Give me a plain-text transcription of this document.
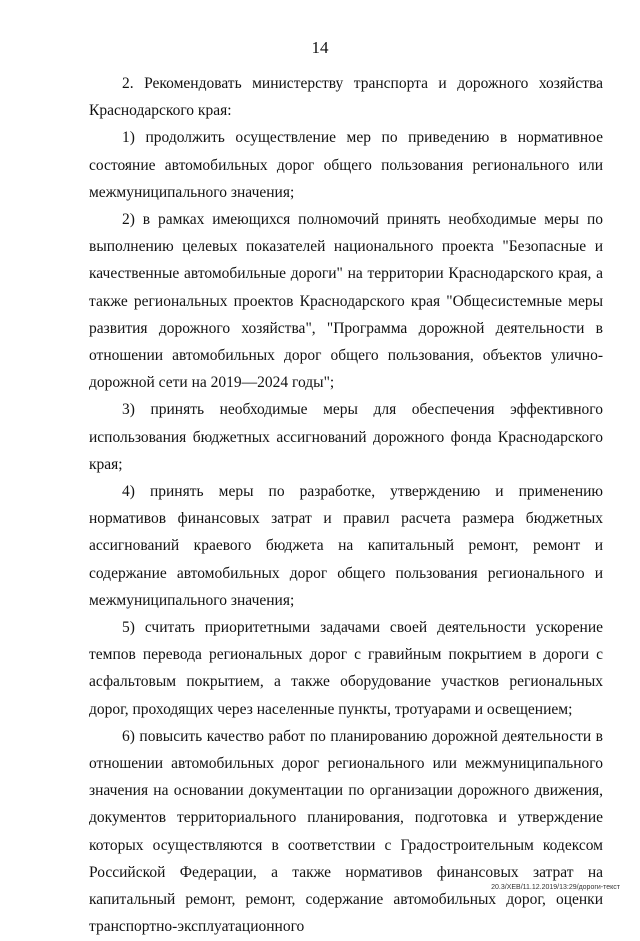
14

2. Рекомендовать министерству транспорта и дорожного хозяйства Краснодарского края:

1) продолжить осуществление мер по приведению в нормативное состояние автомобильных дорог общего пользования регионального или межмуниципального значения;

2) в рамках имеющихся полномочий принять необходимые меры по выполнению целевых показателей национального проекта "Безопасные и качественные автомобильные дороги" на территории Краснодарского края, а также региональных проектов Краснодарского края "Общесистемные меры развития дорожного хозяйства", "Программа дорожной деятельности в отношении автомобильных дорог общего пользования, объектов улично-дорожной сети на 2019—2024 годы";

3) принять необходимые меры для обеспечения эффективного использования бюджетных ассигнований дорожного фонда Краснодарского края;

4) принять меры по разработке, утверждению и применению нормативов финансовых затрат и правил расчета размера бюджетных ассигнований краевого бюджета на капитальный ремонт, ремонт и содержание автомобильных дорог общего пользования регионального и межмуниципального значения;

5) считать приоритетными задачами своей деятельности ускорение темпов перевода региональных дорог с гравийным покрытием в дороги с асфальтовым покрытием, а также оборудование участков региональных дорог, проходящих через населенные пункты, тротуарами и освещением;

6) повысить качество работ по планированию дорожной деятельности в отношении автомобильных дорог регионального или межмуниципального значения на основании документации по организации дорожного движения, документов территориального планирования, подготовка и утверждение которых осуществляются в соответствии с Градостроительным кодексом Российской Федерации, а также нормативов финансовых затрат на капитальный ремонт, ремонт, содержание автомобильных дорог, оценки транспортно-эксплуатационного

20.3/ХЕВ/11.12.2019/13:29/дороги-текст
